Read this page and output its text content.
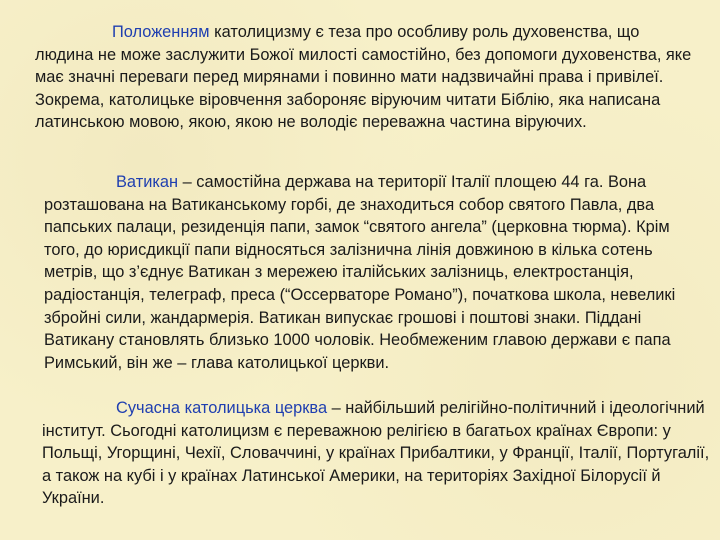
Положенням католицизму є теза про особливу роль духовенства, що людина не може заслужити Божої милості самостійно, без допомоги духовенства, яке має значні переваги перед мирянами і повинно мати надзвичайні права і привілеї. Зокрема, католицьке віровчення забороняє віруючим читати Біблію, яка написана латинською мовою, якою, якою не володіє переважна частина віруючих.

Ватикан – самостійна держава на території Італії площею 44 га. Вона розташована на Ватиканському горбі, де знаходиться собор святого Павла, два папських палаци, резиденція папи, замок “святого ангела” (церковна тюрма). Крім того, до юрисдикції папи відносяться залізнична лінія довжиною в кілька сотень метрів, що з’єднує Ватикан з мережею італійських залізниць, електростанція, радіостанція, телеграф, преса (“Оссерваторе Романо”), початкова школа, невеликі збройні сили, жандармерія. Ватикан випускає грошові і поштові знаки. Піддані Ватикану становлять близько 1000 чоловік. Необмеженим главою держави є папа Римський, він же – глава католицької церкви.

Сучасна католицька церква – найбільший релігійно-політичний і ідеологічний інститут. Сьогодні католицизм є переважною релігією в багатьох країнах Європи: у Польщі, Угорщині, Чехії, Словаччині, у країнах Прибалтики, у Франції, Італії, Португалії, а також на кубі і у країнах Латинської Америки, на територіях Західної Білорусії й України.
